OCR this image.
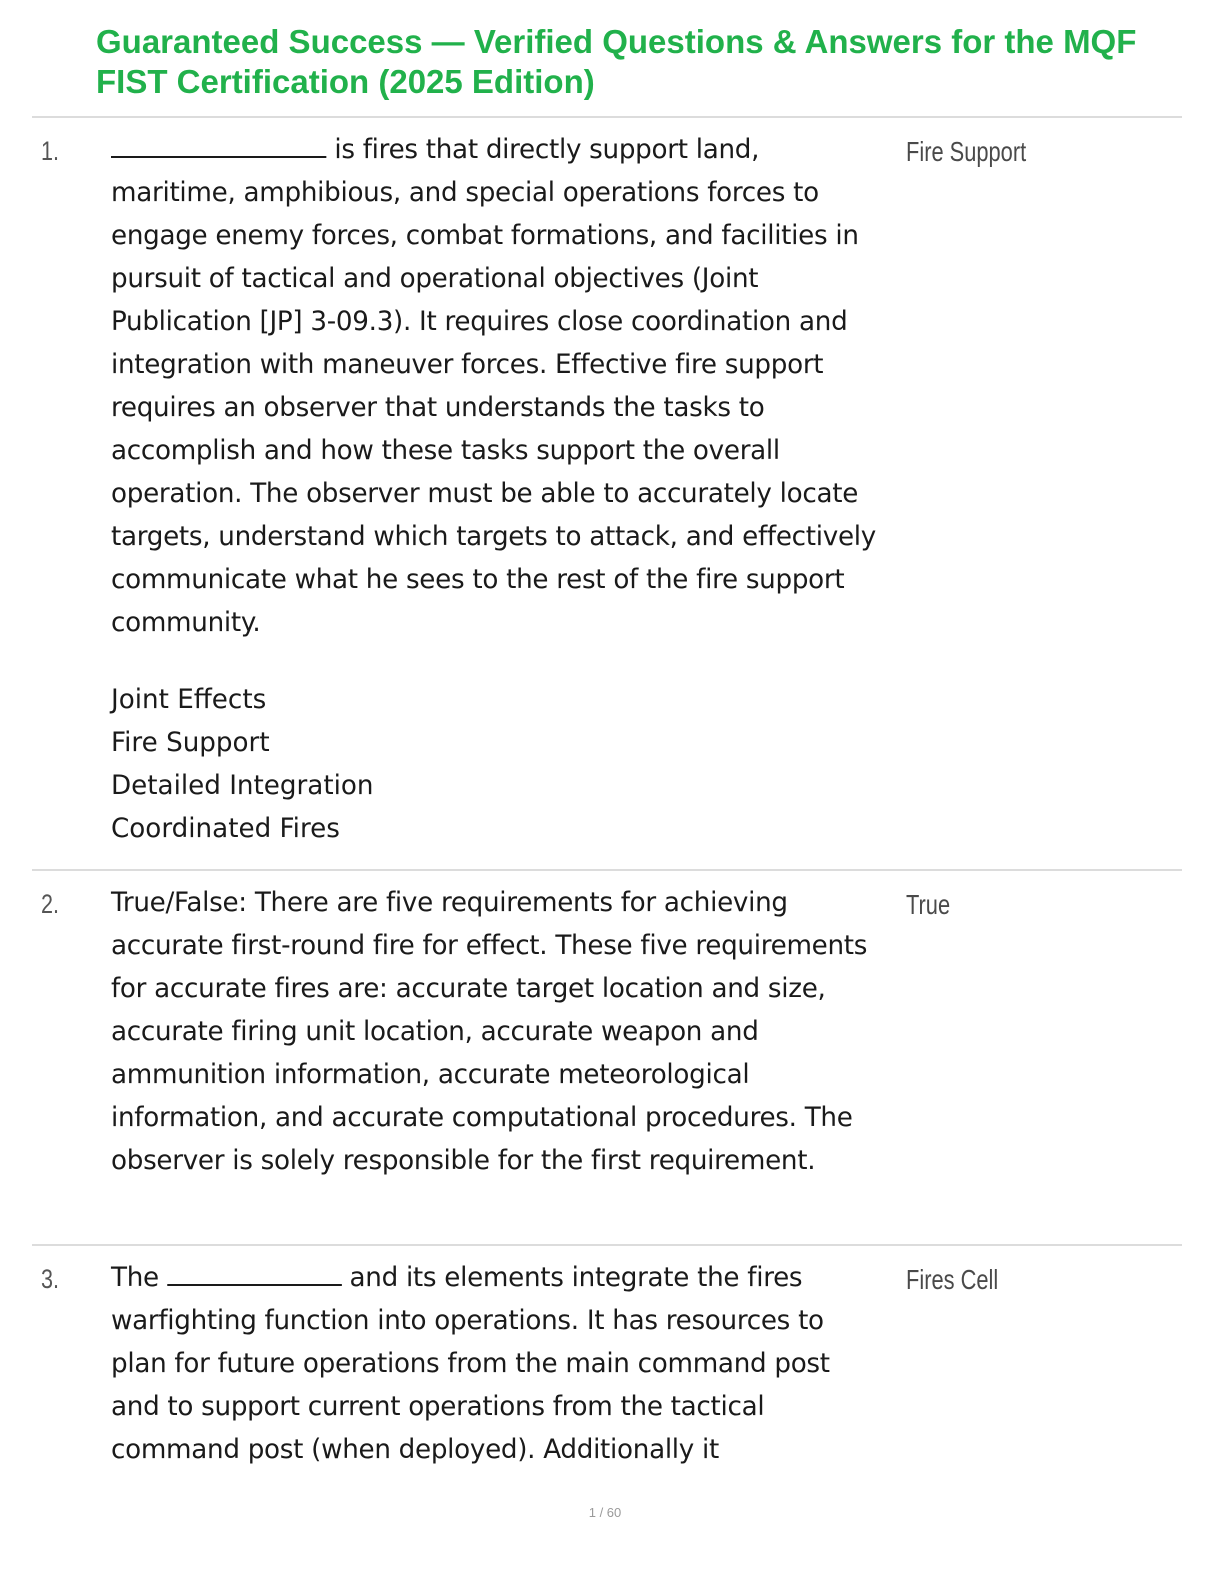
Guaranteed Success — Verified Questions & Answers for the MQF FIST Certification (2025 Edition)
1.	is fires that directly support land, maritime, amphibious, and special operations forces to engage enemy forces, combat formations, and facilities in pursuit of tactical and operational objectives (Joint Publication [JP] 3-09.3). It requires close coordination and integration with maneuver forces. Effective fire support requires an observer that understands the tasks to accomplish and how these tasks support the overall operation. The observer must be able to accurately locate targets, understand which targets to attack, and effectively communicate what he sees to the rest of the fire support community.

Fire Support
Joint Effects
Fire Support
Detailed Integration
Coordinated Fires
2. True/False: There are five requirements for achieving accurate first-round fire for effect. These five requirements for accurate fires are: accurate target location and size, accurate firing unit location, accurate weapon and ammunition information, accurate meteorological information, and accurate computational procedures. The observer is solely responsible for the first requirement.

True
3. The	and its elements integrate the fires warfighting function into operations. It has resources to plan for future operations from the main command post and to support current operations from the tactical command post (when deployed). Additionally it

Fires Cell
1 / 60
